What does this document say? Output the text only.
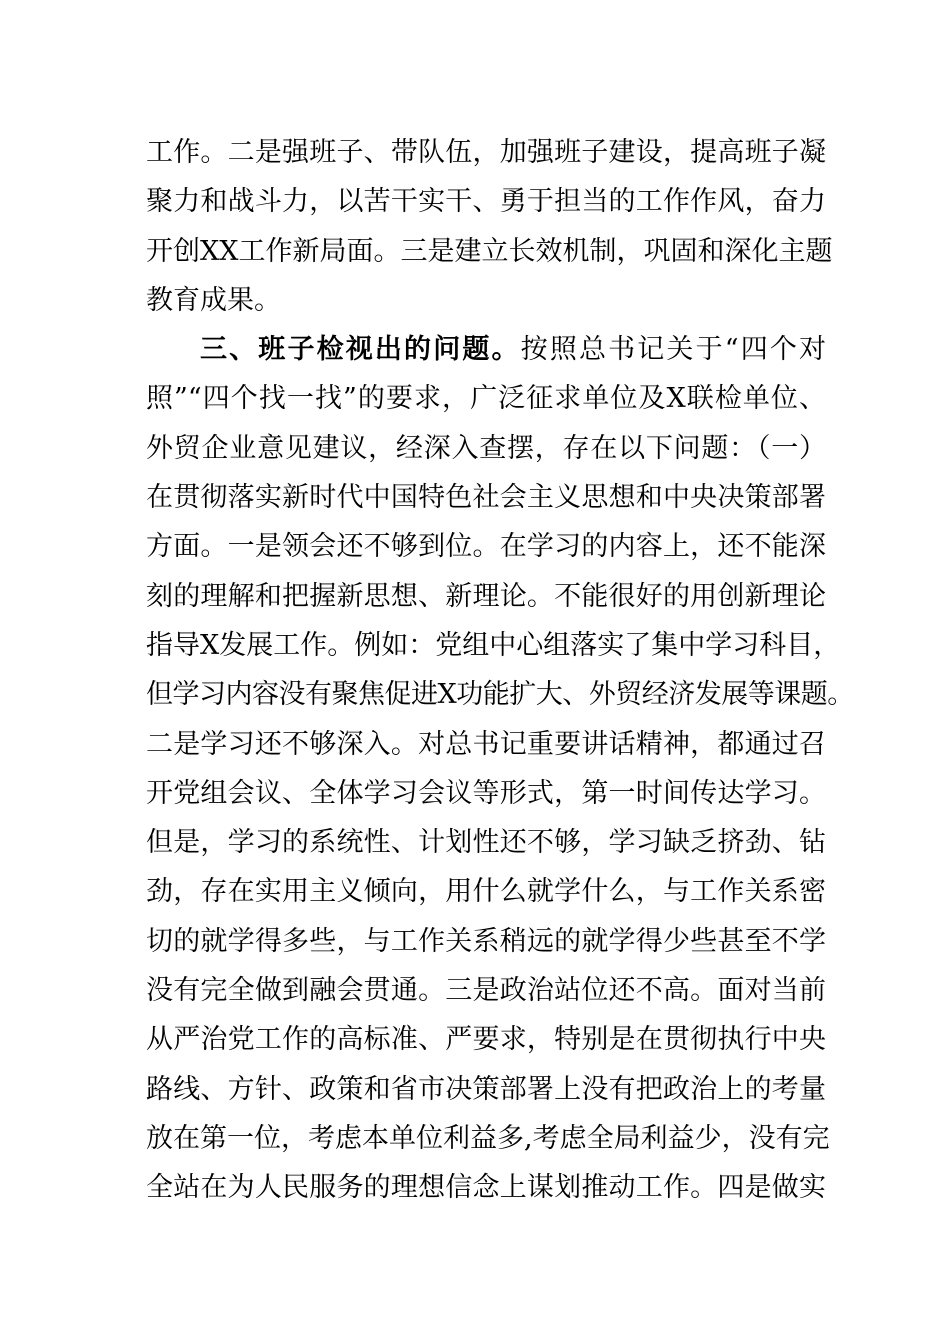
工作。二是强班子、带队伍，加强班子建设，提高班子凝
聚力和战斗力，以苦干实干、勇于担当的工作作风，奋力
开创XX工作新局面。三是建立长效机制，巩固和深化主题
教育成果。
三、班子检视出的问题。按照总书记关于“四个对
照”“四个找一找”的要求，广泛征求单位及X联检单位、
外贸企业意见建议，经深入查摆，存在以下问题：（一）
在贯彻落实新时代中国特色社会主义思想和中央决策部署
方面。一是领会还不够到位。在学习的内容上，还不能深
刻的理解和把握新思想、新理论。不能很好的用创新理论
指导X发展工作。例如：党组中心组落实了集中学习科目，
但学习内容没有聚焦促进X功能扩大、外贸经济发展等课题。
二是学习还不够深入。对总书记重要讲话精神，都通过召
开党组会议、全体学习会议等形式，第一时间传达学习。
但是，学习的系统性、计划性还不够，学习缺乏挤劲、钻
劲，存在实用主义倾向，用什么就学什么，与工作关系密
切的就学得多些，与工作关系稍远的就学得少些甚至不学
没有完全做到融会贯通。三是政治站位还不高。面对当前
从严治党工作的高标准、严要求，特别是在贯彻执行中央
路线、方针、政策和省市决策部署上没有把政治上的考量
放在第一位，考虑本单位利益多,考虑全局利益少，没有完
全站在为人民服务的理想信念上谋划推动工作。四是做实
